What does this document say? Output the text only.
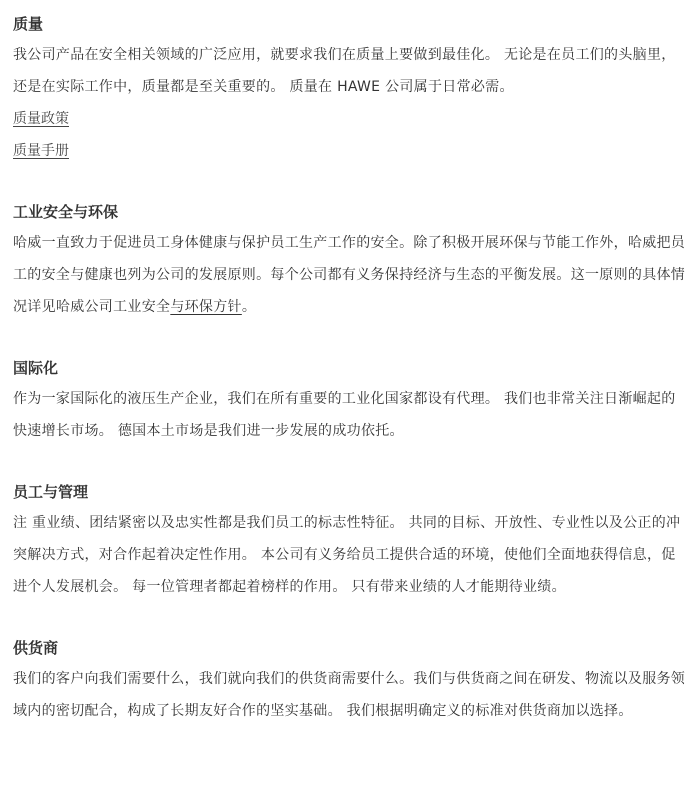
质量

我公司产品在安全相关领域的广泛应用，就要求我们在质量上要做到最佳化。 无论是在员工们的头脑里，还是在实际工作中，质量都是至关重要的。 质量在 HAWE 公司属于日常必需。

质量政策
质量手册
工业安全与环保

哈威一直致力于促进员工身体健康与保护员工生产工作的安全。除了积极开展环保与节能工作外，哈威把员工的安全与健康也列为公司的发展原则。每个公司都有义务保持经济与生态的平衡发展。这一原则的具体情况详见哈威公司工业安全与环保方针。

国际化

作为一家国际化的液压生产企业，我们在所有重要的工业化国家都设有代理。 我们也非常关注日渐崛起的快速增长市场。 德国本土市场是我们进一步发展的成功依托。

员工与管理

注 重业绩、团结紧密以及忠实性都是我们员工的标志性特征。 共同的目标、开放性、专业性以及公正的冲突解决方式，对合作起着决定性作用。 本公司有义务给员工提供合适的环境，使他们全面地获得信息，促进个人发展机会。 每一位管理者都起着榜样的作用。 只有带来业绩的人才能期待业绩。

供货商

我们的客户向我们需要什么，我们就向我们的供货商需要什么。我们与供货商之间在研发、物流以及服务领域内的密切配合，构成了长期友好合作的坚实基础。 我们根据明确定义的标准对供货商加以选择。
